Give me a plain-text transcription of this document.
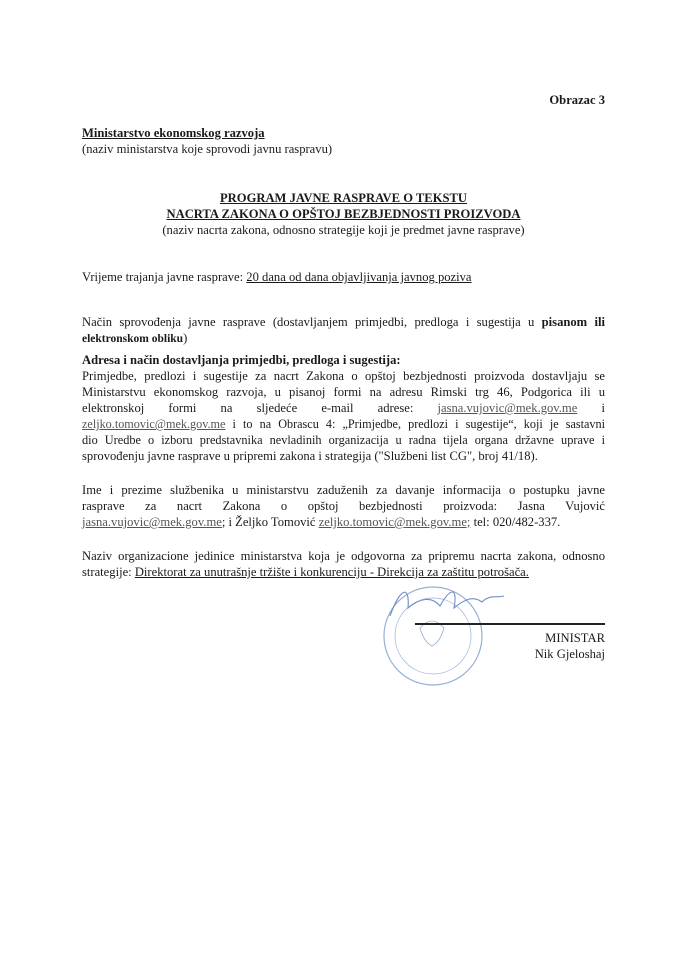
Obrazac 3
Ministarstvo ekonomskog razvoja
(naziv ministarstva koje sprovodi javnu raspravu)
PROGRAM JAVNE RASPRAVE O TEKSTU
NACRTA ZAKONA O OPŠTOJ BEZBJEDNOSTI PROIZVODA
(naziv nacrta zakona, odnosno strategije koji je predmet javne rasprave)
Vrijeme trajanja javne rasprave: 20 dana od dana objavljivanja javnog poziva
Način sprovođenja javne rasprave (dostavljanjem primjedbi, predloga i sugestija u pisanom ili
elektronskom obliku)
Adresa i način dostavljanja primjedbi, predloga i sugestija:
Primjedbe, predlozi i sugestije za nacrt Zakona o opštoj bezbjednosti proizvoda dostavljaju se
Ministarstvu ekonomskog razvoja, u pisanoj formi na adresu Rimski trg 46, Podgorica ili u
elektronskoj formi na sljedeće e-mail adrese: jasna.vujovic@mek.gov.me i
zeljko.tomovic@mek.gov.me i to na Obrascu 4: „Primjedbe, predlozi i sugestije“, koji je sastavni
dio Uredbe o izboru predstavnika nevladinih organizacija u radna tijela organa državne uprave i
sprovođenju javne rasprave u pripremi zakona i strategija ("Službeni list CG", broj 41/18).
Ime i prezime službenika u ministarstvu zaduženih za davanje informacija o postupku javne
rasprave za nacrt Zakona o opštoj bezbjednosti proizvoda: Jasna Vujović
jasna.vujovic@mek.gov.me; i Željko Tomović zeljko.tomovic@mek.gov.me; tel: 020/482-337.
Naziv organizacione jedinice ministarstva koja je odgovorna za pripremu nacrta zakona, odnosno
strategije: Direktorat za unutrašnje tržište i konkurenciju - Direkcija za zaštitu potrošača.
MINISTAR
Nik Gjeloshaj
